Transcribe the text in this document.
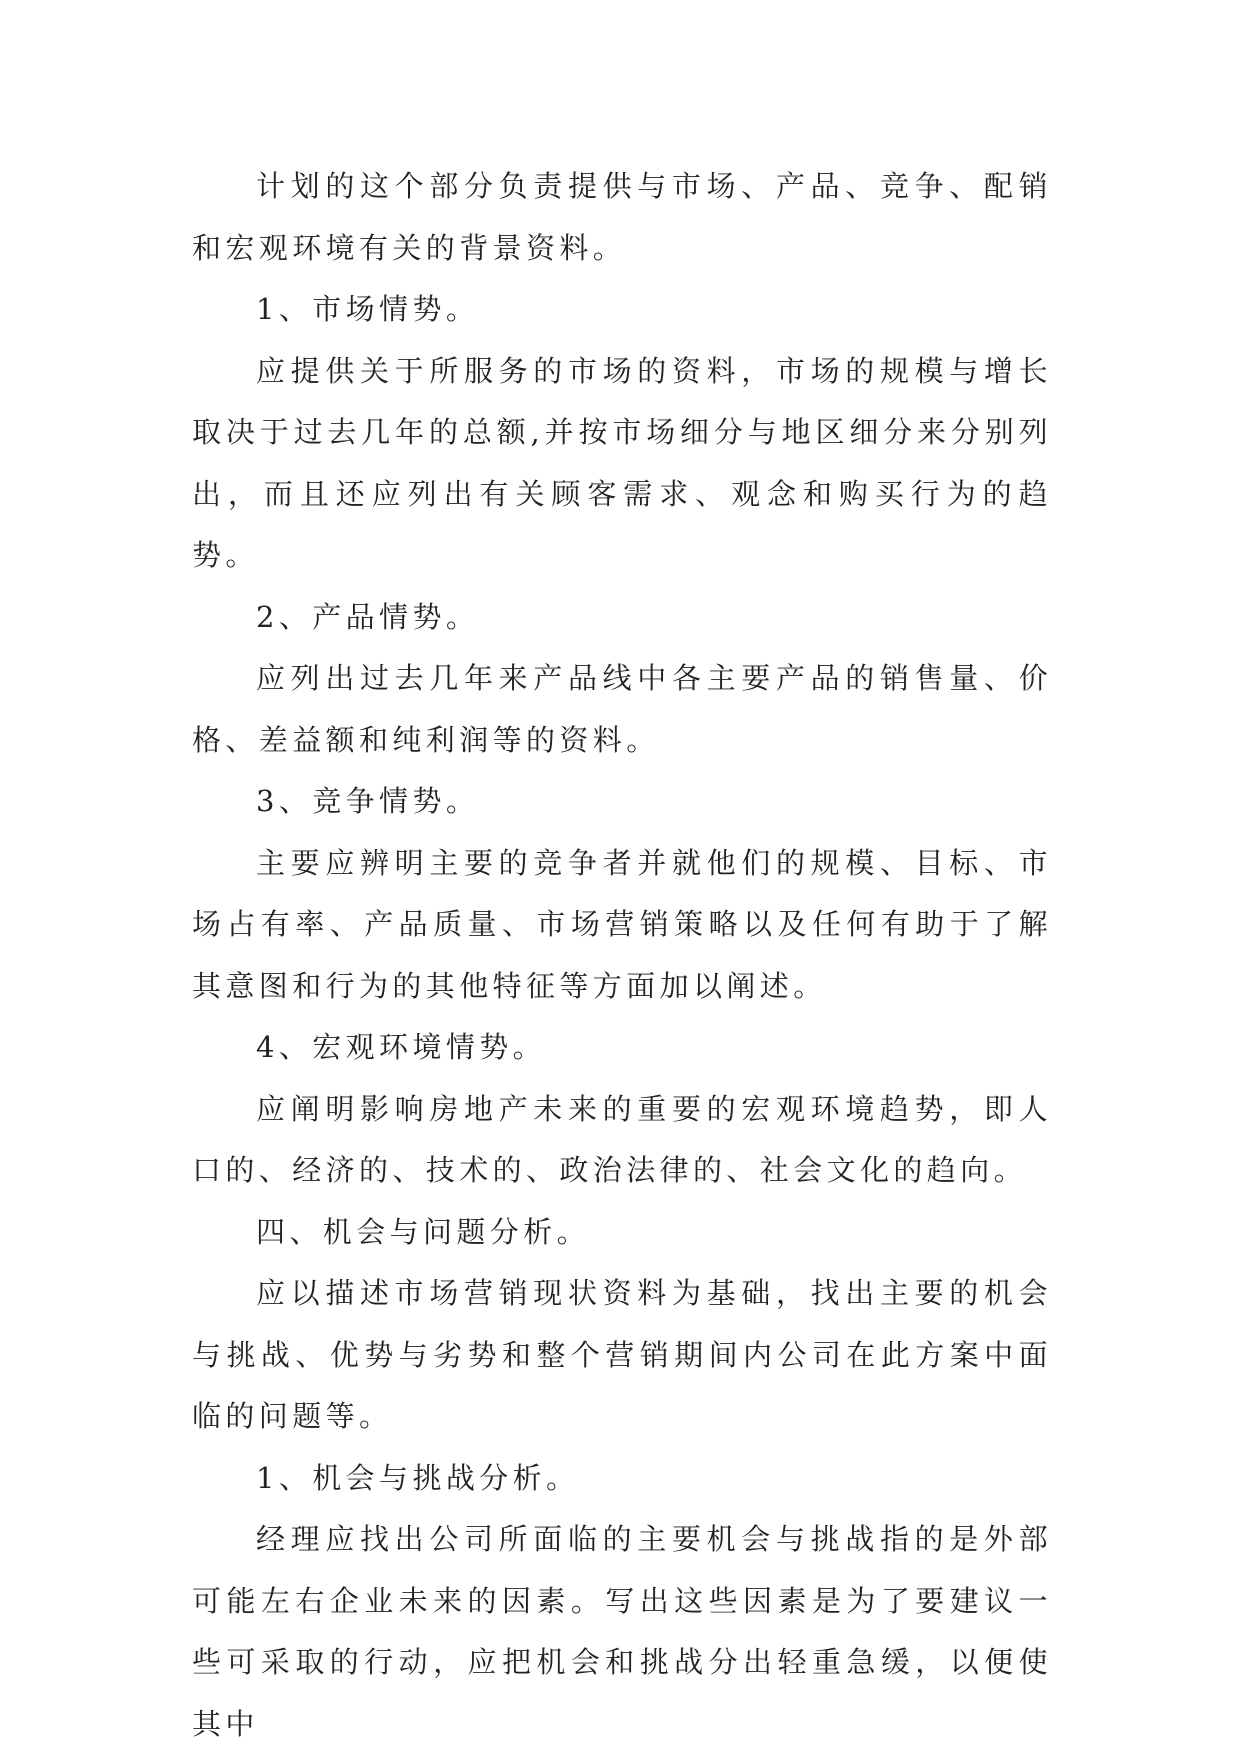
计划的这个部分负责提供与市场、产品、竞争、配销和宏观环境有关的背景资料。

1、市场情势。

应提供关于所服务的市场的资料，市场的规模与增长取决于过去几年的总额,并按市场细分与地区细分来分别列出，而且还应列出有关顾客需求、观念和购买行为的趋势。

2、产品情势。

应列出过去几年来产品线中各主要产品的销售量、价格、差益额和纯利润等的资料。

3、竞争情势。

主要应辨明主要的竞争者并就他们的规模、目标、市场占有率、产品质量、市场营销策略以及任何有助于了解其意图和行为的其他特征等方面加以阐述。

4、宏观环境情势。

应阐明影响房地产未来的重要的宏观环境趋势，即人口的、经济的、技术的、政治法律的、社会文化的趋向。

四、机会与问题分析。

应以描述市场营销现状资料为基础，找出主要的机会与挑战、优势与劣势和整个营销期间内公司在此方案中面临的问题等。

1、机会与挑战分析。

经理应找出公司所面临的主要机会与挑战指的是外部可能左右企业未来的因素。写出这些因素是为了要建议一些可采取的行动，应把机会和挑战分出轻重急缓，以便使其中
